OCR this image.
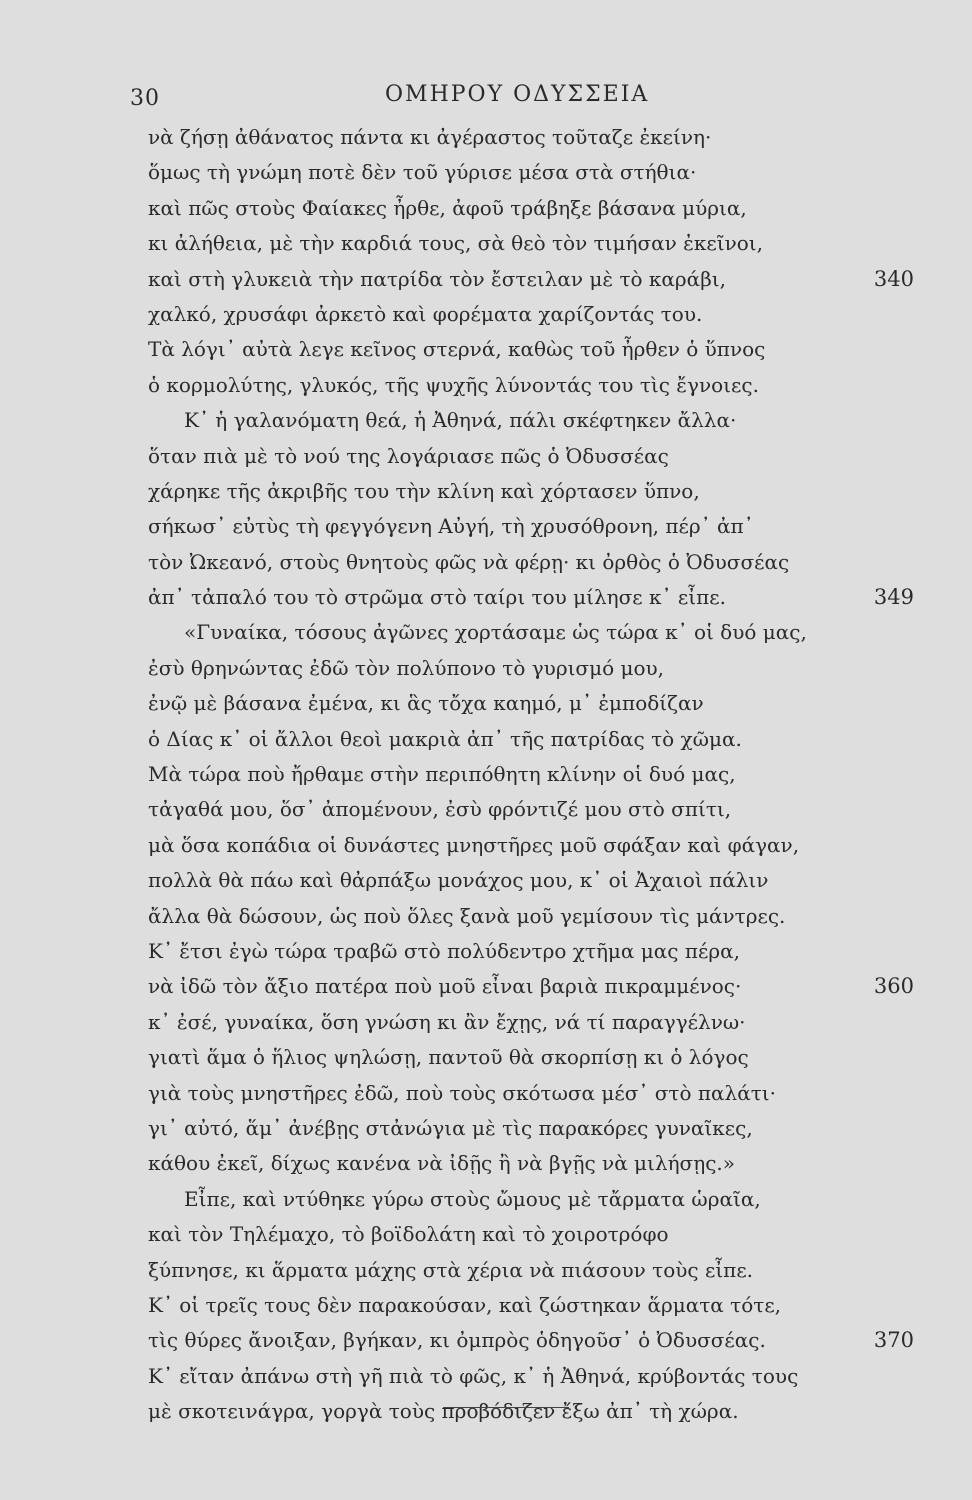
30	ΟΜΗΡΟΥ ΟΔΥΣΣΕΙΑ
νὰ ζήσῃ ἀθάνατος πάντα κι ἀγέραστος τοῦταζε ἐκείνη·
ὅμως τὴ γνώμη ποτὲ δὲν τοῦ γύρισε μέσα στὰ στήθια·
καὶ πῶς στοὺς Φαίακες ἦρθε, ἀφοῦ τράβηξε βάσανα μύρια,
κι ἀλήθεια, μὲ τὴν καρδιά τους, σὰ θεὸ τὸν τιμήσαν ἐκεῖνοι,
καὶ στὴ γλυκειὰ τὴν πατρίδα τὸν ἔστειλαν μὲ τὸ καράβι,	340
χαλκό, χρυσάφι ἀρκετὸ καὶ φορέματα χαρίζοντάς του.
Τὰ λόγι᾽ αὐτὰ λεγε κεῖνος στερνά, καθὼς τοῦ ἦρθεν ὁ ὕπνος
ὁ κορμολύτης, γλυκός, τῆς ψυχῆς λύνοντάς του τὶς ἔγνοιες.
Κ᾽ ἡ γαλανόματη θεά, ἡ Ἀθηνά, πάλι σκέφτηκεν ἄλλα·
ὅταν πιὰ μὲ τὸ νού της λογάριασε πῶς ὁ Ὀδυσσέας
χάρηκε τῆς ἀκριβῆς του τὴν κλίνη καὶ χόρτασεν ὕπνο,
σήκωσ᾽ εὐτὺς τὴ φεγγόγενη Αὐγή, τὴ χρυσόθρονη, πέρ᾽ ἀπ᾽
τὸν Ὠκεανό, στοὺς θνητοὺς φῶς νὰ φέρῃ· κι ὀρθὸς ὁ Ὀδυσσέας
ἀπ᾽ τἀπαλό του τὸ στρῶμα στὸ ταίρι του μίλησε κ᾽ εἶπε.	349
«Γυναίκα, τόσους ἀγῶνες χορτάσαμε ὡς τώρα κ᾽ οἱ δυό μας,
ἐσὺ θρηνώντας ἐδῶ τὸν πολύπονο τὸ γυρισμό μου,
ἐνῷ μὲ βάσανα ἐμένα, κι ἃς τὄχα καημό, μ᾽ ἐμποδίζαν
ὁ Δίας κ᾽ οἱ ἄλλοι θεοὶ μακριὰ ἀπ᾽ τῆς πατρίδας τὸ χῶμα.
Μὰ τώρα ποὺ ἤρθαμε στὴν περιπόθητη κλίνην οἱ δυό μας,
τἀγαθά μου, ὅσ᾽ ἀπομένουν, ἐσὺ φρόντιζέ μου στὸ σπίτι,
μὰ ὅσα κοπάδια οἱ δυνάστες μνηστῆρες μοῦ σφάξαν καὶ φάγαν,
πολλὰ θὰ πάω καὶ θἀρπάξω μονάχος μου, κ᾽ οἱ Ἀχαιοὶ πάλιν
ἄλλα θὰ δώσουν, ὡς ποὺ ὅλες ξανὰ μοῦ γεμίσουν τὶς μάντρες.
Κ᾽ ἔτσι ἐγὼ τώρα τραβῶ στὸ πολύδεντρο χτῆμα μας πέρα,
νὰ ἰδῶ τὸν ἄξιο πατέρα ποὺ μοῦ εἶναι βαριὰ πικραμμένος·	360
κ᾽ ἐσέ, γυναίκα, ὅση γνώση κι ἂν ἔχῃς, νά τί παραγγέλνω·
γιατὶ ἅμα ὁ ἥλιος ψηλώσῃ, παντοῦ θὰ σκορπίσῃ κι ὁ λόγος
γιὰ τοὺς μνηστῆρες ἐδῶ, ποὺ τοὺς σκότωσα μέσ᾽ στὸ παλάτι·
γι᾽ αὐτό, ἅμ᾽ ἀνέβῃς στἀνώγια μὲ τὶς παρακόρες γυναῖκες,
κάθου ἐκεῖ, δίχως κανένα νὰ ἰδῇς ἢ νὰ βγῇς νὰ μιλήσῃς.»
Εἶπε, καὶ ντύθηκε γύρω στοὺς ὤμους μὲ τἄρματα ὡραῖα,
καὶ τὸν Τηλέμαχο, τὸ βοϊδολάτη καὶ τὸ χοιροτρόφο
ξύπνησε, κι ἅρματα μάχης στὰ χέρια νὰ πιάσουν τοὺς εἶπε.
Κ᾽ οἱ τρεῖς τους δὲν παρακούσαν, καὶ ζώστηκαν ἅρματα τότε,
τὶς θύρες ἄνοιξαν, βγήκαν, κι ὀμπρὸς ὁδηγοῦσ᾽ ὁ Ὀδυσσέας.	370
Κ᾽ εἴταν ἀπάνω στὴ γῆ πιὰ τὸ φῶς, κ᾽ ἡ Ἀθηνά, κρύβοντάς τους
μὲ σκοτεινάγρα, γοργὰ τοὺς προβόδιζεν ἔξω ἀπ᾽ τὴ χώρα.
